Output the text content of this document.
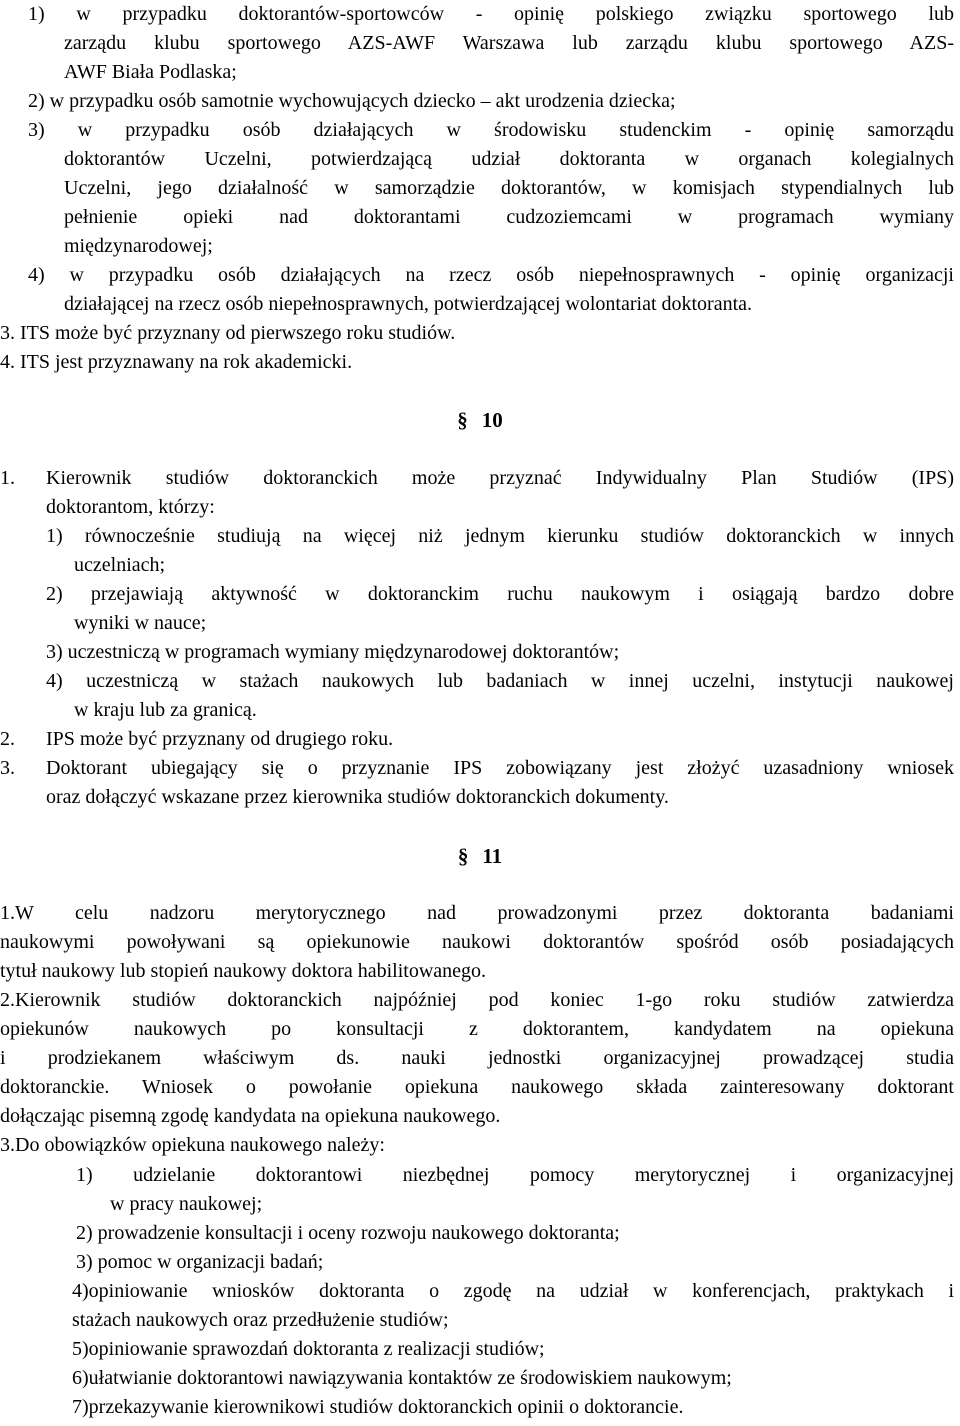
1) w przypadku doktorantów-sportowców - opinię polskiego związku sportowego lub
zarządu klubu sportowego AZS-AWF Warszawa lub zarządu klubu sportowego AZS-
AWF Biała Podlaska;
2) w przypadku osób samotnie wychowujących dziecko – akt urodzenia dziecka;
3) w przypadku osób działających w środowisku studenckim - opinię samorządu
doktorantów Uczelni, potwierdzającą udział doktoranta w organach kolegialnych
Uczelni, jego działalność w samorządzie doktorantów, w komisjach stypendialnych lub
pełnienie opieki nad doktorantami cudzoziemcami w programach wymiany
międzynarodowej;
4) w przypadku osób działających na rzecz osób niepełnosprawnych - opinię organizacji
działającej na rzecz osób niepełnosprawnych, potwierdzającej wolontariat doktoranta.
3. ITS może być przyznany od pierwszego roku studiów.
4. ITS jest przyznawany na rok akademicki.
§ 10
1. Kierownik studiów doktoranckich może przyznać Indywidualny Plan Studiów (IPS)
doktorantom, którzy:
1) równocześnie studiują na więcej niż jednym kierunku studiów doktoranckich w innych
uczelniach;
2) przejawiają aktywność w doktoranckim ruchu naukowym i osiągają bardzo dobre
wyniki w nauce;
3) uczestniczą w programach wymiany międzynarodowej doktorantów;
4) uczestniczą w stażach naukowych lub badaniach w innej uczelni, instytucji naukowej
w kraju lub za granicą.
2. IPS może być przyznany od drugiego roku.
3. Doktorant ubiegający się o przyznanie IPS zobowiązany jest złożyć uzasadniony wniosek
oraz dołączyć wskazane przez kierownika studiów doktoranckich dokumenty.
§ 11
1.W celu nadzoru merytorycznego nad prowadzonymi przez doktoranta badaniami
naukowymi powoływani są opiekunowie naukowi doktorantów spośród osób posiadających
tytuł naukowy lub stopień naukowy doktora habilitowanego.
2.Kierownik studiów doktoranckich najpóźniej pod koniec 1-go roku studiów zatwierdza
opiekunów naukowych po konsultacji z doktorantem, kandydatem na opiekuna
i prodziekanem właściwym ds. nauki jednostki organizacyjnej prowadzącej studia
doktoranckie. Wniosek o powołanie opiekuna naukowego składa zainteresowany doktorant
dołączając pisemną zgodę kandydata na opiekuna naukowego.
3.Do obowiązków opiekuna naukowego należy:
1) udzielanie doktorantowi niezbędnej pomocy merytorycznej i organizacyjnej
w pracy naukowej;
2) prowadzenie konsultacji i oceny rozwoju naukowego doktoranta;
3) pomoc w organizacji badań;
4)opiniowanie wniosków doktoranta o zgodę na udział w konferencjach, praktykach i
stażach naukowych oraz przedłużenie studiów;
5)opiniowanie sprawozdań doktoranta z realizacji studiów;
6)ułatwianie doktorantowi nawiązywania kontaktów ze środowiskiem naukowym;
7)przekazywanie kierownikowi studiów doktoranckich opinii o doktorancie.
